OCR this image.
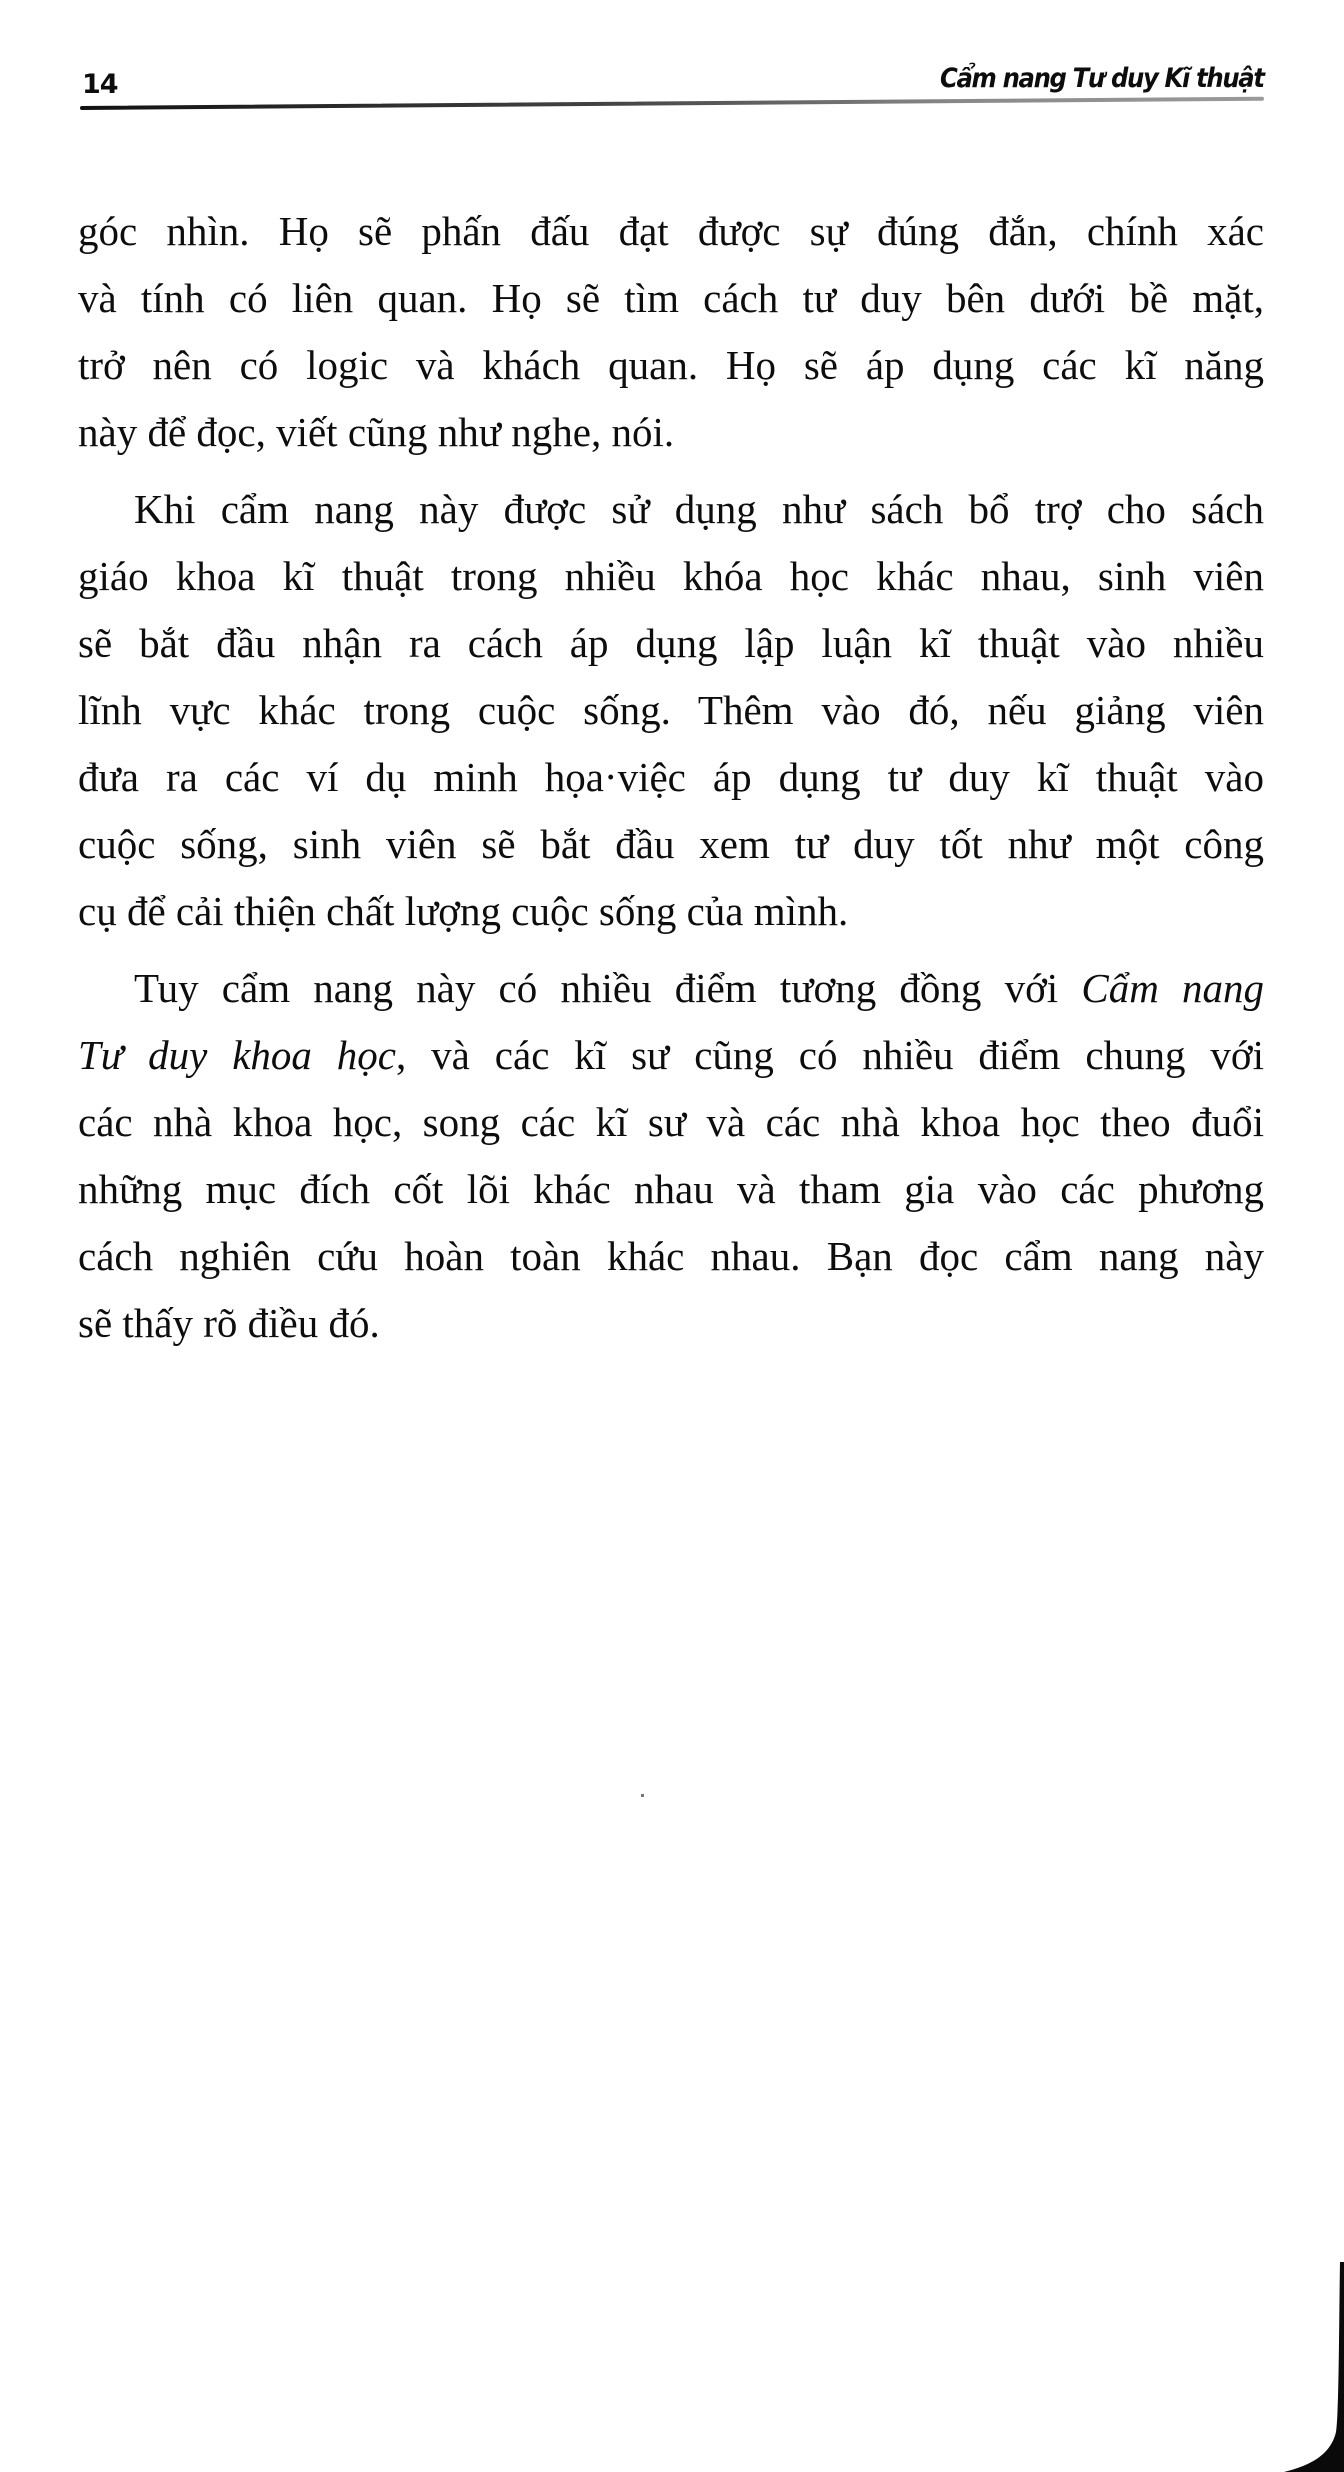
14	Cẩm nang Tư duy Kĩ thuật

góc nhìn. Họ sẽ phấn đấu đạt được sự đúng đắn, chính xác
và tính có liên quan. Họ sẽ tìm cách tư duy bên dưới bề mặt,
trở nên có logic và khách quan. Họ sẽ áp dụng các kĩ năng
này để đọc, viết cũng như nghe, nói.

Khi cẩm nang này được sử dụng như sách bổ trợ cho sách
giáo khoa kĩ thuật trong nhiều khóa học khác nhau, sinh viên
sẽ bắt đầu nhận ra cách áp dụng lập luận kĩ thuật vào nhiều
lĩnh vực khác trong cuộc sống. Thêm vào đó, nếu giảng viên
đưa ra các ví dụ minh họa·việc áp dụng tư duy kĩ thuật vào
cuộc sống, sinh viên sẽ bắt đầu xem tư duy tốt như một công
cụ để cải thiện chất lượng cuộc sống của mình.

Tuy cẩm nang này có nhiều điểm tương đồng với Cẩm nang
Tư duy khoa học, và các kĩ sư cũng có nhiều điểm chung với
các nhà khoa học, song các kĩ sư và các nhà khoa học theo đuổi
những mục đích cốt lõi khác nhau và tham gia vào các phương
cách nghiên cứu hoàn toàn khác nhau. Bạn đọc cẩm nang này
sẽ thấy rõ điều đó.
